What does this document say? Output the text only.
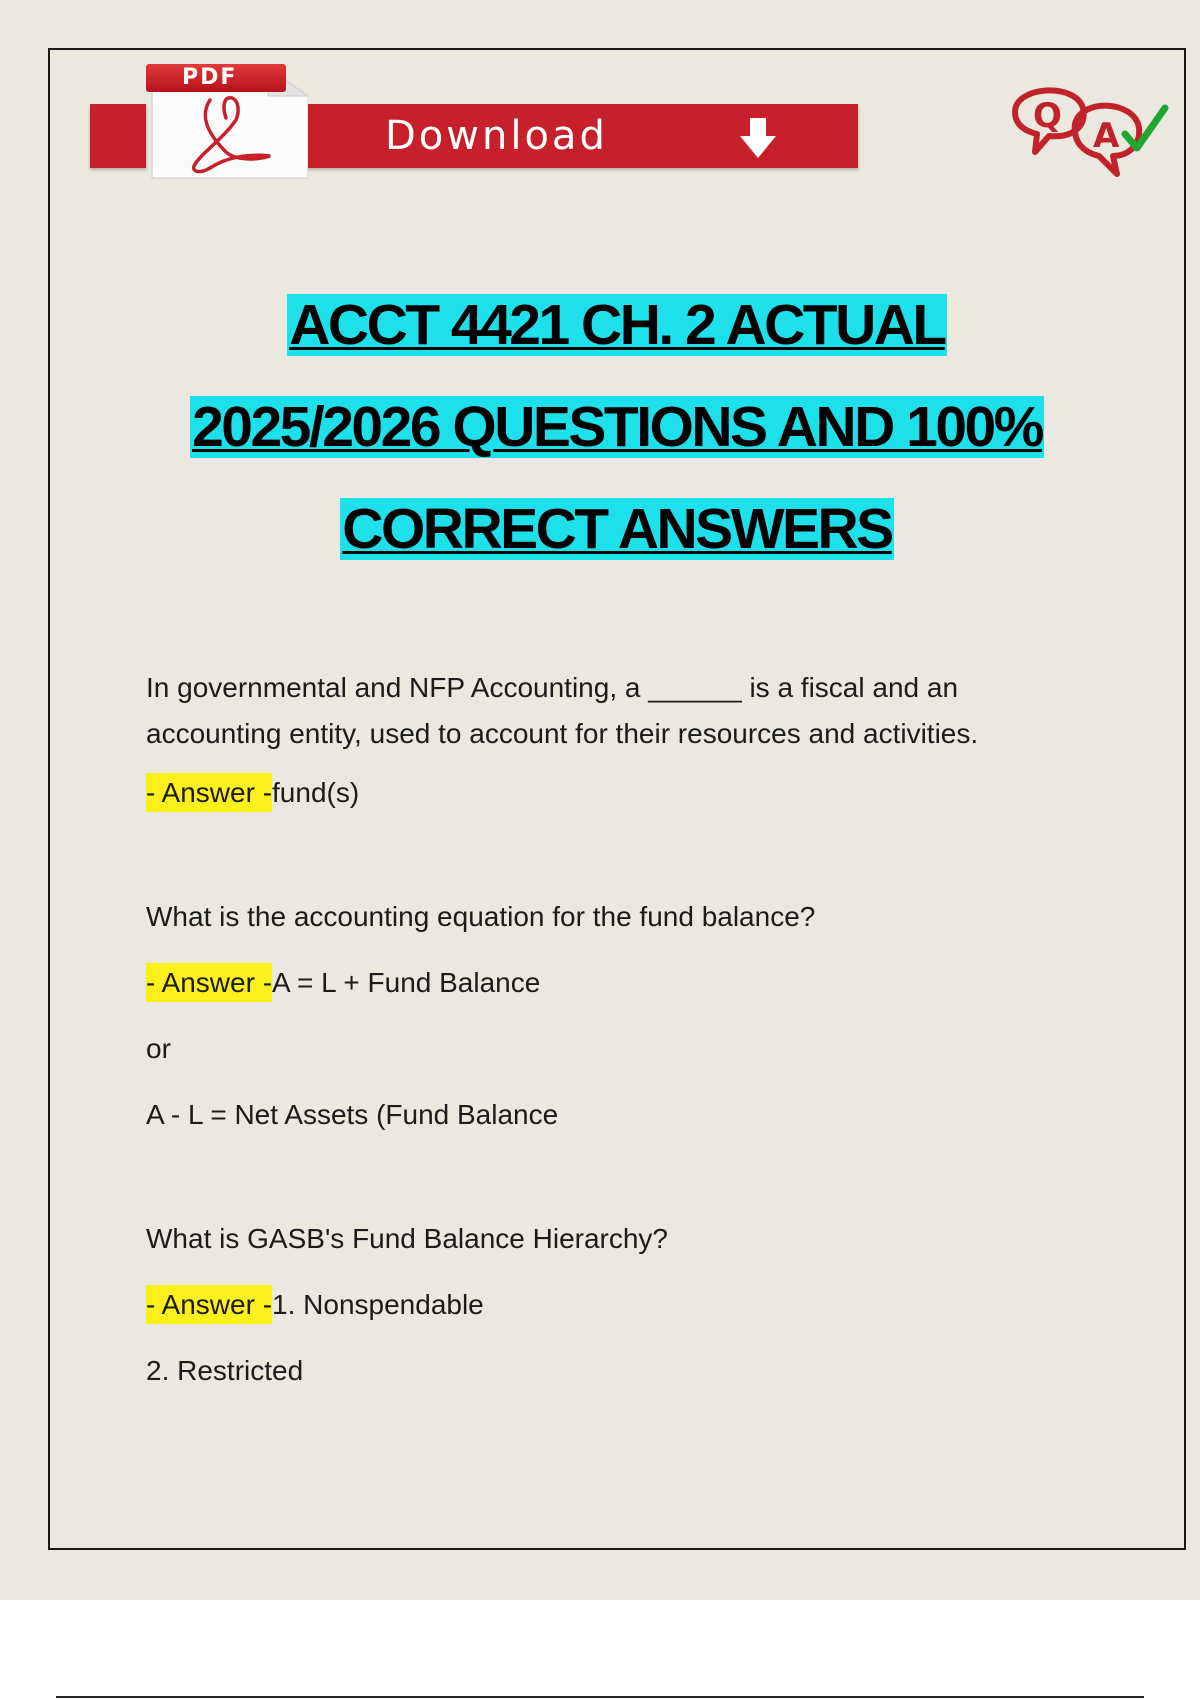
PDF
Download	Q A
ACCT 4421 CH. 2 ACTUAL
2025/2026 QUESTIONS AND 100%
CORRECT ANSWERS

In governmental and NFP Accounting, a ______ is a fiscal and an accounting entity, used to account for their resources and activities.

- Answer -fund(s)

What is the accounting equation for the fund balance?

- Answer -A = L + Fund Balance

or

A - L = Net Assets (Fund Balance

What is GASB's Fund Balance Hierarchy?

- Answer -1. Nonspendable

2. Restricted
